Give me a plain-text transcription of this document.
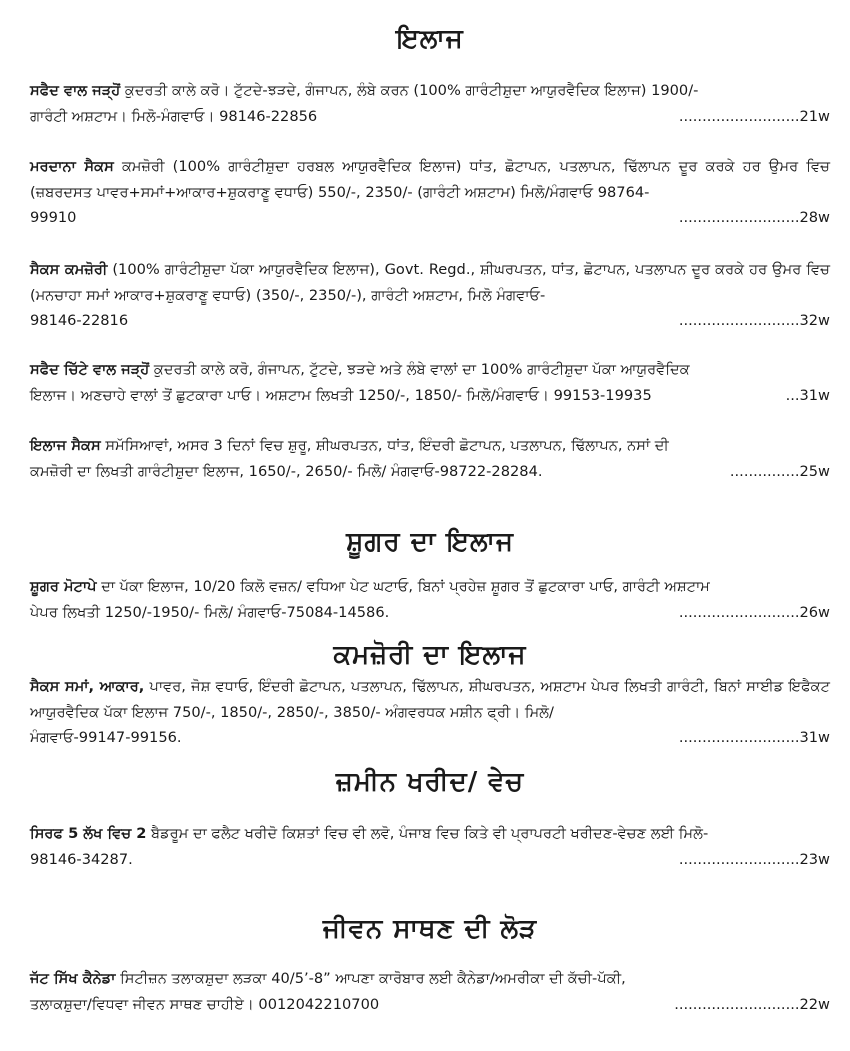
ਇਲਾਜ
ਸਫੈਦ ਵਾਲ ਜੜ੍ਹੋਂ ਕੁਦਰਤੀ ਕਾਲੇ ਕਰੋ। ਟੁੱਟਦੇ-ਝੜਦੇ, ਗੰਜਾਪਨ, ਲੰਬੇ ਕਰਨ (100% ਗਾਰੰਟੀਸ਼ੁਦਾ ਆਯੁਰਵੈਦਿਕ ਇਲਾਜ) 1900/-
ਗਾਰੰਟੀ ਅਸ਼ਟਾਮ। ਮਿਲੋ-ਮੰਗਵਾਓ। 98146-22856	..........................21w
ਮਰਦਾਨਾ ਸੈਕਸ ਕਮਜ਼ੋਰੀ (100% ਗਾਰੰਟੀਸ਼ੁਦਾ ਹਰਬਲ ਆਯੁਰਵੈਦਿਕ ਇਲਾਜ) ਧਾਂਤ, ਛੋਟਾਪਨ, ਪਤਲਾਪਨ, ਢਿੱਲਾਪਨ ਦੂਰ ਕਰਕੇ ਹਰ ਉਮਰ ਵਿਚ (ਜ਼ਬਰਦਸਤ ਪਾਵਰ+ਸਮਾਂ+ਆਕਾਰ+ਸ਼ੁਕਰਾਣੂ ਵਧਾਓ) 550/-, 2350/- (ਗਾਰੰਟੀ ਅਸ਼ਟਾਮ) ਮਿਲੋ/ਮੰਗਵਾਓ 98764-
99910	..........................28w
ਸੈਕਸ ਕਮਜ਼ੋਰੀ (100% ਗਾਰੰਟੀਸ਼ੁਦਾ ਪੱਕਾ ਆਯੁਰਵੈਦਿਕ ਇਲਾਜ), Govt. Regd., ਸ਼ੀਘਰਪਤਨ, ਧਾਂਤ, ਛੋਟਾਪਨ, ਪਤਲਾਪਨ ਦੂਰ ਕਰਕੇ ਹਰ ਉਮਰ ਵਿਚ (ਮਨਚਾਹਾ ਸਮਾਂ ਆਕਾਰ+ਸ਼ੁਕਰਾਣੂ ਵਧਾਓ) (350/-, 2350/-), ਗਾਰੰਟੀ ਅਸ਼ਟਾਮ, ਮਿਲੋ ਮੰਗਵਾਓ-
98146-22816	..........................32w
ਸਫੈਦ ਚਿੱਟੇ ਵਾਲ ਜੜ੍ਹੋਂ ਕੁਦਰਤੀ ਕਾਲੇ ਕਰੋ, ਗੰਜਾਪਨ, ਟੁੱਟਦੇ, ਝੜਦੇ ਅਤੇ ਲੰਬੇ ਵਾਲਾਂ ਦਾ 100% ਗਾਰੰਟੀਸ਼ੁਦਾ ਪੱਕਾ ਆਯੁਰਵੈਦਿਕ
ਇਲਾਜ। ਅਣਚਾਹੇ ਵਾਲਾਂ ਤੋਂ ਛੁਟਕਾਰਾ ਪਾਓ। ਅਸ਼ਟਾਮ ਲਿਖਤੀ 1250/-, 1850/- ਮਿਲੋ/ਮੰਗਵਾਓ। 99153-19935	...31w
ਇਲਾਜ ਸੈਕਸ ਸਮੱਸਿਆਵਾਂ, ਅਸਰ 3 ਦਿਨਾਂ ਵਿਚ ਸ਼ੁਰੂ, ਸ਼ੀਘਰਪਤਨ, ਧਾਂਤ, ਇੰਦਰੀ ਛੋਟਾਪਨ, ਪਤਲਾਪਨ, ਢਿੱਲਾਪਨ, ਨਸਾਂ ਦੀ
ਕਮਜ਼ੋਰੀ ਦਾ ਲਿਖਤੀ ਗਾਰੰਟੀਸ਼ੁਦਾ ਇਲਾਜ, 1650/-, 2650/- ਮਿਲੋ/ ਮੰਗਵਾਓ-98722-28284.	...............25w
ਸ਼ੂਗਰ ਦਾ ਇਲਾਜ
ਸ਼ੂਗਰ ਮੋਟਾਪੇ ਦਾ ਪੱਕਾ ਇਲਾਜ, 10/20 ਕਿਲੋ ਵਜ਼ਨ/ ਵਧਿਆ ਪੇਟ ਘਟਾਓ, ਬਿਨਾਂ ਪ੍ਰਹੇਜ਼ ਸ਼ੂਗਰ ਤੋਂ ਛੁਟਕਾਰਾ ਪਾਓ, ਗਾਰੰਟੀ ਅਸ਼ਟਾਮ
ਪੇਪਰ ਲਿਖਤੀ 1250/-1950/- ਮਿਲੋ/ ਮੰਗਵਾਓ-75084-14586.	..........................26w
ਕਮਜ਼ੋਰੀ ਦਾ ਇਲਾਜ
ਸੈਕਸ ਸਮਾਂ, ਆਕਾਰ, ਪਾਵਰ, ਜੋਸ਼ ਵਧਾਓ, ਇੰਦਰੀ ਛੋਟਾਪਨ, ਪਤਲਾਪਨ, ਢਿੱਲਾਪਨ, ਸ਼ੀਘਰਪਤਨ, ਅਸ਼ਟਾਮ ਪੇਪਰ ਲਿਖਤੀ ਗਾਰੰਟੀ, ਬਿਨਾਂ ਸਾਈਡ ਇਫੈਕਟ ਆਯੁਰਵੈਦਿਕ ਪੱਕਾ ਇਲਾਜ 750/-, 1850/-, 2850/-, 3850/- ਅੰਗਵਰਧਕ ਮਸ਼ੀਨ ਫ੍ਰੀ। ਮਿਲੋ/
ਮੰਗਵਾਓ-99147-99156.	..........................31w
ਜ਼ਮੀਨ ਖਰੀਦ/ ਵੇਚ
ਸਿਰਫ 5 ਲੱਖ ਵਿਚ 2 ਬੈਡਰੂਮ ਦਾ ਫਲੈਟ ਖਰੀਦੋ ਕਿਸ਼ਤਾਂ ਵਿਚ ਵੀ ਲਵੋ, ਪੰਜਾਬ ਵਿਚ ਕਿਤੇ ਵੀ ਪ੍ਰਾਪਰਟੀ ਖਰੀਦਣ-ਵੇਚਣ ਲਈ ਮਿਲੋ-
98146-34287.	..........................23w
ਜੀਵਨ ਸਾਥਣ ਦੀ ਲੋੜ
ਜੱਟ ਸਿੱਖ ਕੈਨੇਡਾ ਸਿਟੀਜ਼ਨ ਤਲਾਕਸ਼ੁਦਾ ਲੜਕਾ 40/5’-8” ਆਪਣਾ ਕਾਰੋਬਾਰ ਲਈ ਕੈਨੇਡਾ/ਅਮਰੀਕਾ ਦੀ ਕੱਚੀ-ਪੱਕੀ,
ਤਲਾਕਸ਼ੁਦਾ/ਵਿਧਵਾ ਜੀਵਨ ਸਾਥਣ ਚਾਹੀਏ। 0012042210700	...........................22w
